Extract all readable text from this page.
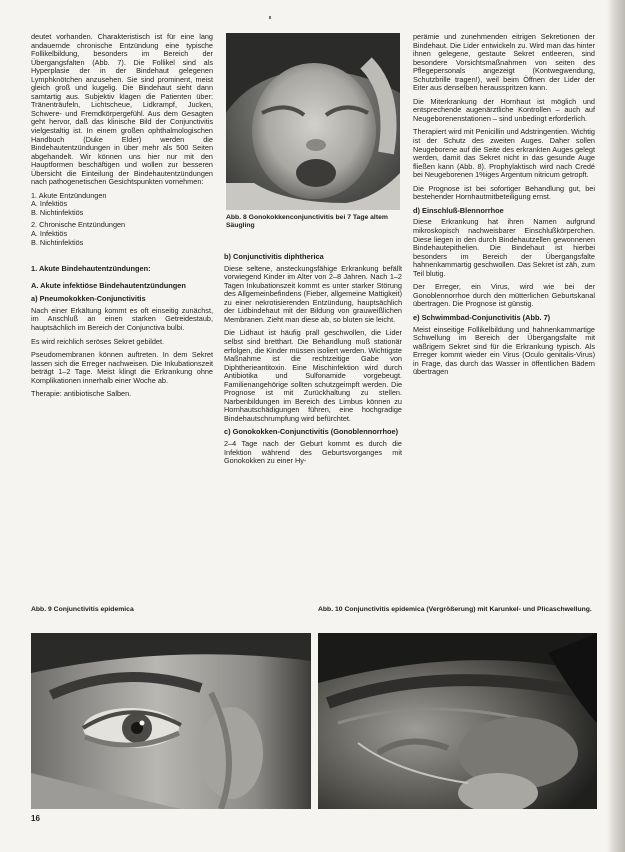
deutet vorhanden. Charakteristisch ist für eine lang andauernde chronische Entzündung eine typische Follikelbildung, besonders im Bereich der Übergangsfalten (Abb. 7). Die Follikel sind als Hyperplasie der in der Bindehaut gelegenen Lymphknötchen anzusehen. Sie sind prominent, meist gleich groß und kugelig. Die Bindehaut sieht dann samtartig aus. Subjektiv klagen die Patienten über: Tränenträufeln, Lichtscheue, Lidkrampf, Jucken, Schwere- und Fremdkörpergefühl. Aus dem Gesagten geht hervor, daß das klinische Bild der Conjunctivitis vielgestaltig ist. In einem großen ophthalmologischen Handbuch (Duke Elder) werden die Bindehautentzündungen in über mehr als 500 Seiten abgehandelt. Wir können uns hier nur mit den Hauptformen beschäftigen und wollen zur besseren Übersicht die Einteilung der Bindehautentzündungen nach pathogenetischen Gesichtspunkten vornehmen:

1. Akute Entzündungen
A. Infektiös
B. Nichtinfektiös
2. Chronische Entzündungen
A. Infektiös
B. Nichtinfektiös
1. Akute Bindehautentzündungen:
A. Akute infektiöse Bindehautentzündungen
a) Pneumokokken-Conjunctivitis

Nach einer Erkältung kommt es oft einseitig zunächst, im Anschluß an einen starken Getreidestaub, hauptsächlich im Bereich der Conjunctiva bulbi.

Es wird reichlich seröses Sekret gebildet.

Pseudomembranen können auftreten. In dem Sekret lassen sich die Erreger nachweisen. Die Inkubationszeit beträgt 1–2 Tage. Meist klingt die Erkrankung ohne Komplikationen innerhalb einer Woche ab.

Therapie: antibiotische Salben.

Abb. 8 Gonokokkenconjunctivitis bei 7 Tage altem Säugling
b) Conjunctivitis diphtherica

Diese seltene, ansteckungsfähige Erkrankung befällt vorwiegend Kinder im Alter von 2–8 Jahren. Nach 1–2 Tagen Inkubationszeit kommt es unter starker Störung des Allgemeinbefindens (Fieber, allgemeine Mattigkeit) zu einer nekrotisierenden Entzündung, hauptsächlich der Lidbindehaut mit der Bildung von grauweißlichen Membranen. Zieht man diese ab, so bluten sie leicht.

Die Lidhaut ist häufig prall geschwollen, die Lider selbst sind bretthart. Die Behandlung muß stationär erfolgen, die Kinder müssen isoliert werden. Wichtigste Maßnahme ist die rechtzeitige Gabe von Diphtherieantitoxin. Eine Mischinfektion wird durch Antibiotika und Sulfonamide vorgebeugt. Familienangehörige sollten schutzgeimpft werden. Die Prognose ist mit Zurückhaltung zu stellen. Narbenbildungen im Bereich des Limbus können zu Hornhautschädigungen führen, eine hochgradige Bindehautschrumpfung wird befürchtet.

c) Gonokokken-Conjunctivitis (Gonoblennorrhoe)

2–4 Tage nach der Geburt kommt es durch die Infektion während des Geburtsvorganges mit Gonokokken zu einer Hy-

perämie und zunehmenden eitrigen Sekretionen der Bindehaut. Die Lider entwickeln zu. Wird man das hinter ihnen gelegene, gestaute Sekret entleeren, sind besondere Vorsichtsmaßnahmen von seiten des Pflegepersonals angezeigt (Kontwegwendung, Schutzbrille tragen!), weil beim Öffnen der Lider der Eiter aus denselben herausspritzen kann.

Die Miterkrankung der Hornhaut ist möglich und entsprechende augenärztliche Kontrollen – auch auf Neugeborenenstationen – sind unbedingt erforderlich.

Therapiert wird mit Penicillin und Adstringentien. Wichtig ist der Schutz des zweiten Auges. Daher sollen Neugeborene auf die Seite des erkrankten Auges gelegt werden, damit das Sekret nicht in das gesunde Auge fließen kann (Abb. 8). Prophylaktisch wird nach Credé bei Neugeborenen 1%iges Argentum nitricum getropft.

Die Prognose ist bei sofortiger Behandlung gut, bei bestehender Hornhautmitbeteiligung ernst.

d) Einschluß-Blennorrhoe

Diese Erkrankung hat ihren Namen aufgrund mikroskopisch nachweisbarer Einschlußkörperchen. Diese liegen in den durch Bindehautzellen gewonnenen Bindehautepithelien. Die Bindehaut ist hierbei besonders im Bereich der Übergangsfalte hahnenkammartig geschwollen. Das Sekret ist zäh, zum Teil blutig.

Der Erreger, ein Virus, wird wie bei der Gonoblennorrhoe durch den mütterlichen Geburtskanal übertragen. Die Prognose ist günstig.

e) Schwimmbad-Conjunctivitis (Abb. 7)

Meist einseitige Follikelbildung und hahnenkammartige Schwellung im Bereich der Übergangsfalte mit wäßrigem Sekret sind für die Erkrankung typisch. Als Erreger kommt wieder ein Virus (Oculo genitalis-Virus) in Frage, das durch das Wasser in öffentlichen Bädern übertragen

Abb. 9 Conjunctivitis epidemica	Abb. 10 Conjunctivitis epidemica (Vergrößerung) mit Karunkel- und Plicaschwellung.
16
